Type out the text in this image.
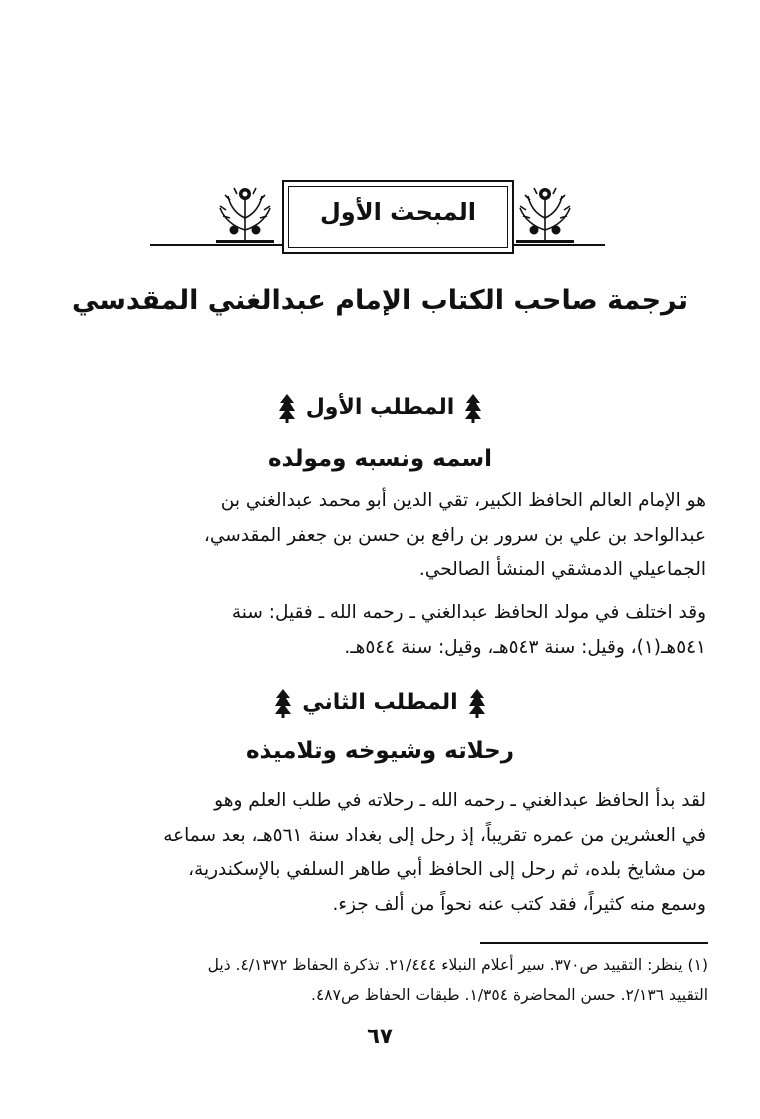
المبحث الأول
ترجمة صاحب الكتاب الإمام عبدالغني المقدسي
المطلب الأول
اسمه ونسبه ومولده
هو الإمام العالم الحافظ الكبير، تقي الدين أبو محمد عبدالغني بن
عبدالواحد بن علي بن سرور بن رافع بن حسن بن جعفر المقدسي،
الجماعيلي الدمشقي المنشأ الصالحي.
وقد اختلف في مولد الحافظ عبدالغني ـ رحمه الله ـ فقيل: سنة
٥٤١هـ(١)، وقيل: سنة ٥٤٣هـ، وقيل: سنة ٥٤٤هـ.
المطلب الثاني
رحلاته وشيوخه وتلاميذه
لقد بدأ الحافظ عبدالغني ـ رحمه الله ـ رحلاته في طلب العلم وهو
في العشرين من عمره تقريباً، إذ رحل إلى بغداد سنة ٥٦١هـ، بعد سماعه
من مشايخ بلده، ثم رحل إلى الحافظ أبي طاهر السلفي بالإسكندرية،
وسمع منه كثيراً، فقد كتب عنه نحواً من ألف جزء.
(١) ينظر: التقييد ص٣٧٠. سير أعلام النبلاء ٢١/٤٤٤. تذكرة الحفاظ ٤/١٣٧٢. ذيل
التقييد ٢/١٣٦. حسن المحاضرة ١/٣٥٤. طبقات الحفاظ ص٤٨٧.
٦٧
